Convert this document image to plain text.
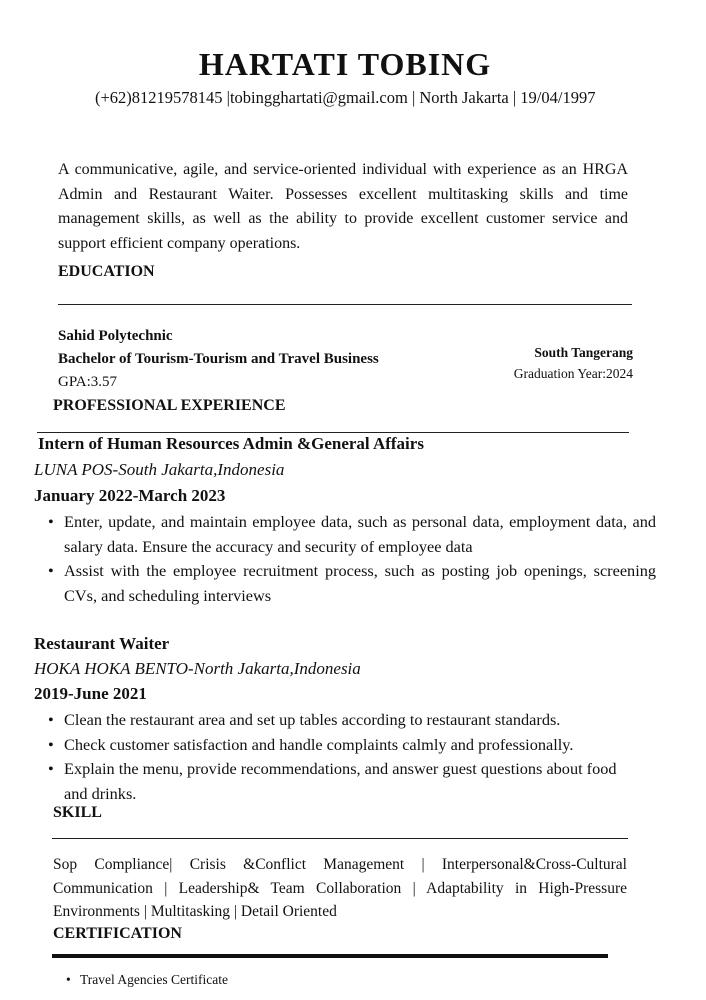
HARTATI TOBING
(+62)81219578145 |tobingghartati@gmail.com | North Jakarta | 19/04/1997
A communicative, agile, and service-oriented individual with experience as an HRGA Admin and Restaurant Waiter. Possesses excellent multitasking skills and time management skills, as well as the ability to provide excellent customer service and support efficient company operations.
EDUCATION
Sahid Polytechnic
Bachelor of Tourism-Tourism and Travel Business
GPA:3.57
South Tangerang
Graduation Year:2024
PROFESSIONAL EXPERIENCE
Intern of Human Resources Admin &General Affairs
LUNA POS-South Jakarta,Indonesia
January 2022-March 2023
• Enter, update, and maintain employee data, such as personal data, employment data, and salary data. Ensure the accuracy and security of employee data
• Assist with the employee recruitment process, such as posting job openings, screening CVs, and scheduling interviews
Restaurant Waiter
HOKA HOKA BENTO-North Jakarta,Indonesia
2019-June 2021
• Clean the restaurant area and set up tables according to restaurant standards.
• Check customer satisfaction and handle complaints calmly and professionally.
• Explain the menu, provide recommendations, and answer guest questions about food and drinks.
SKILL
Sop Compliance| Crisis &Conflict Management | Interpersonal&Cross-Cultural Communication | Leadership& Team Collaboration | Adaptability in High-Pressure Environments | Multitasking | Detail Oriented
CERTIFICATION
• Travel Agencies Certificate
